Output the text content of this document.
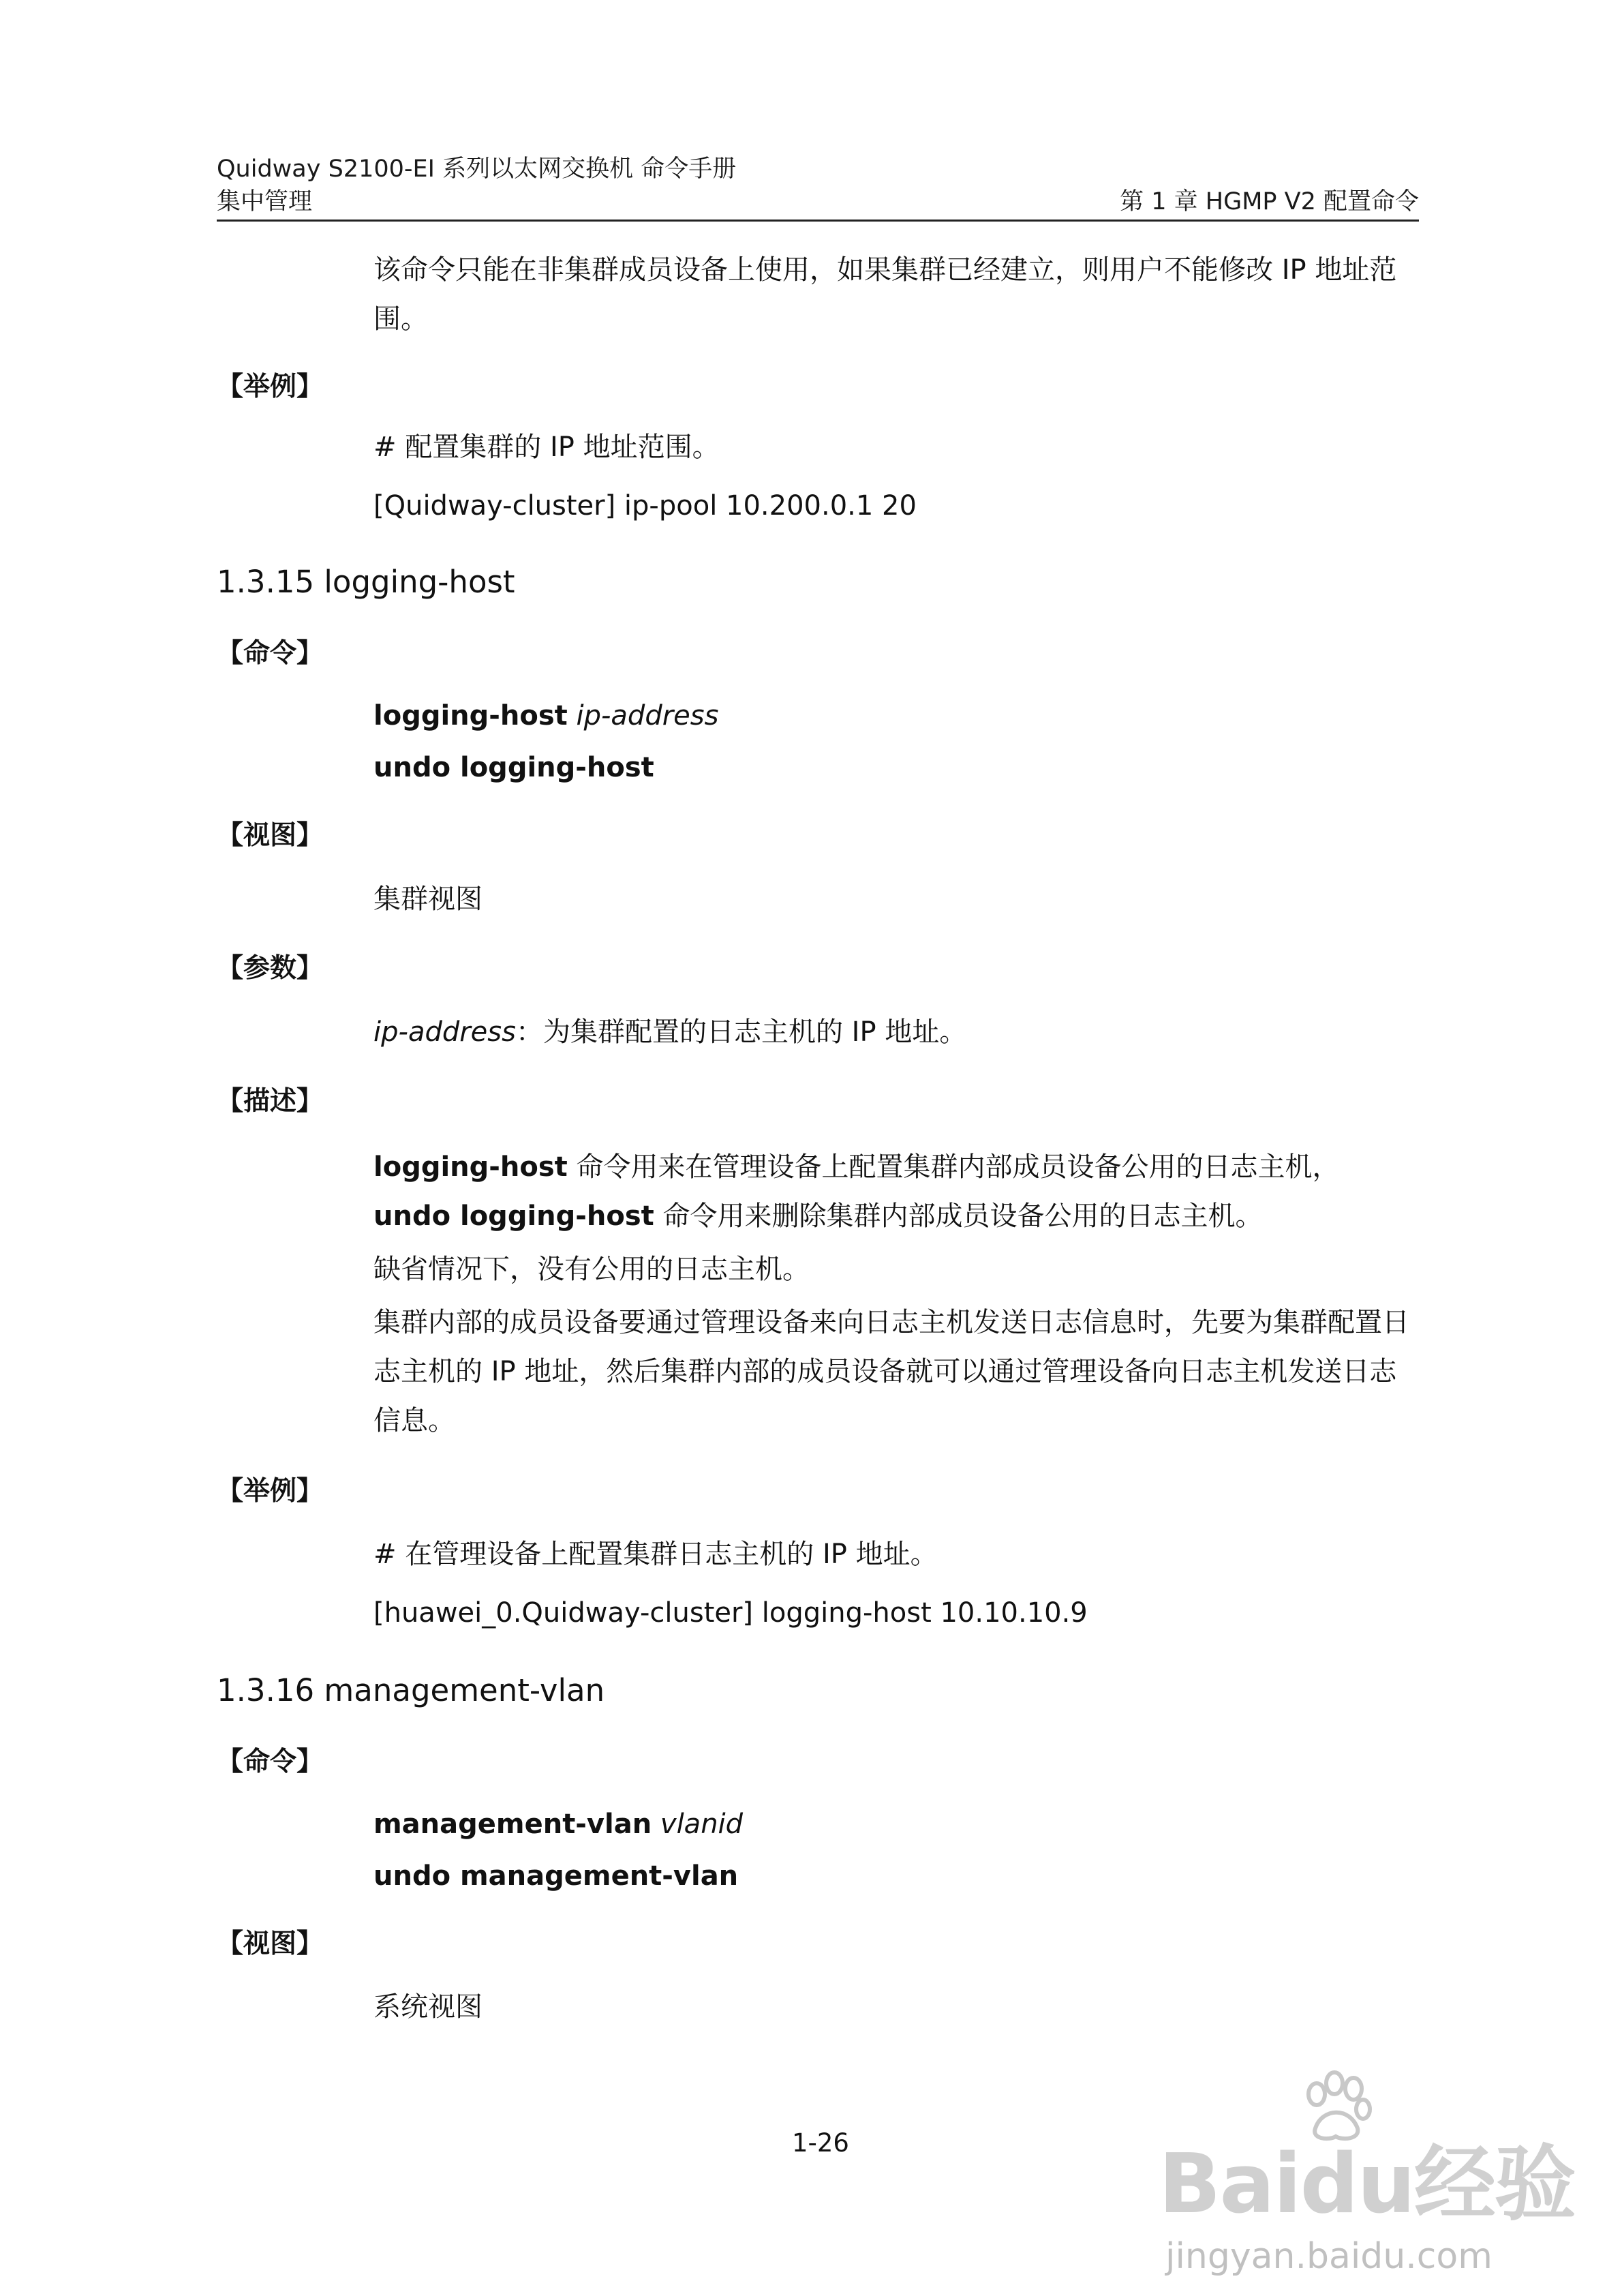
Quidway S2100-EI 系列以太网交换机 命令手册
集中管理	第 1 章 HGMP V2 配置命令
该命令只能在非集群成员设备上使用，如果集群已经建立，则用户不能修改 IP 地址范围。
【举例】
# 配置集群的 IP 地址范围。
[Quidway-cluster] ip-pool 10.200.0.1 20
1.3.15 logging-host
【命令】
logging-host ip-address
undo logging-host
【视图】
集群视图
【参数】
ip-address：为集群配置的日志主机的 IP 地址。
【描述】
logging-host 命令用来在管理设备上配置集群内部成员设备公用的日志主机，undo logging-host 命令用来删除集群内部成员设备公用的日志主机。
缺省情况下，没有公用的日志主机。
集群内部的成员设备要通过管理设备来向日志主机发送日志信息时，先要为集群配置日志主机的 IP 地址，然后集群内部的成员设备就可以通过管理设备向日志主机发送日志信息。
【举例】
# 在管理设备上配置集群日志主机的 IP 地址。
[huawei_0.Quidway-cluster] logging-host 10.10.10.9
1.3.16 management-vlan
【命令】
management-vlan vlanid
undo management-vlan
【视图】
系统视图
1-26	Baidu经验
jingyan.baidu.com
